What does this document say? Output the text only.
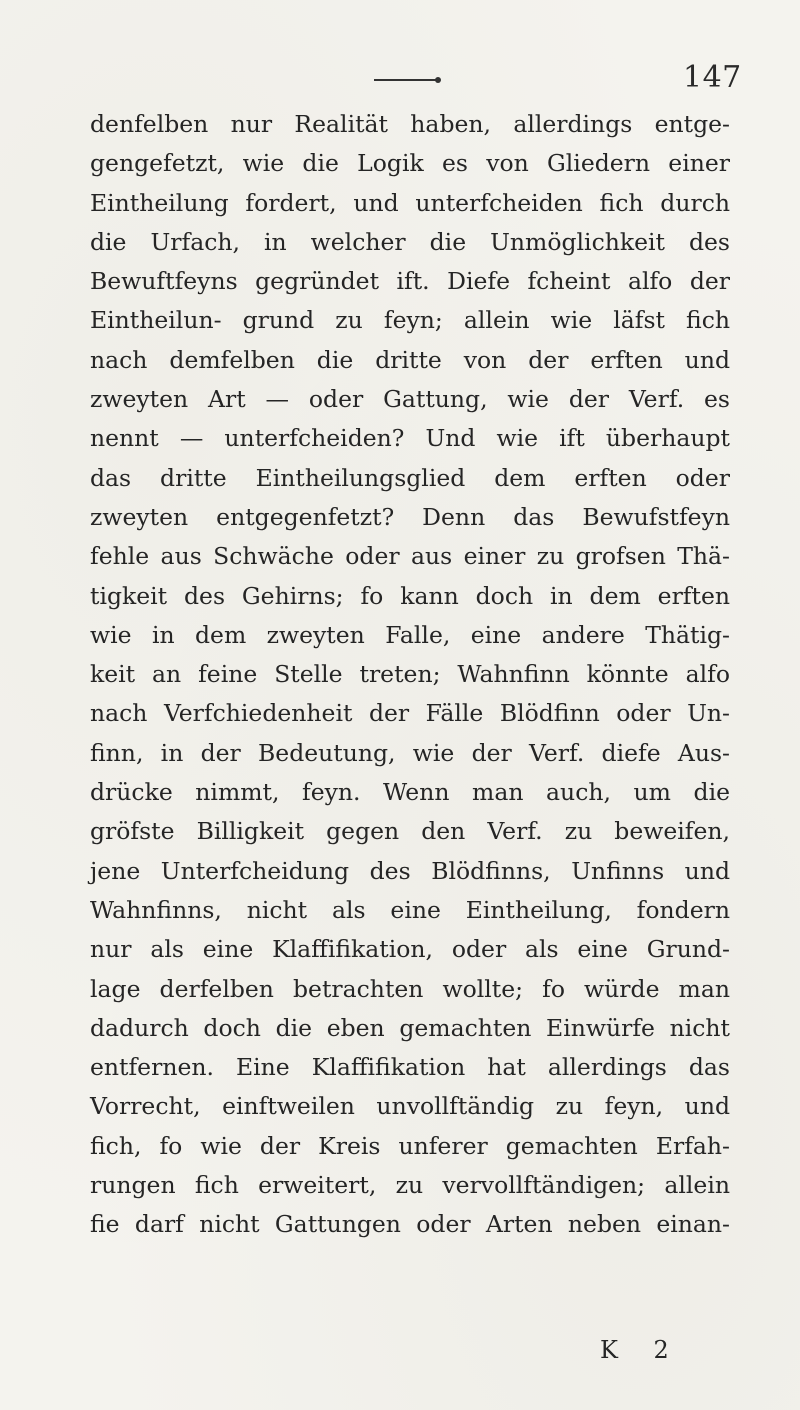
147
denfelben nur Realität haben, allerdings entge-
gengefetzt, wie die Logik es von Gliedern einer
Eintheilung fordert, und unterfcheiden fich durch
die Urfach, in welcher die Unmöglichkeit des
Bewuftfeyns gegründet ift. Diefe fcheint alfo der
Eintheilun- grund zu feyn; allein wie läfst fich
nach demfelben die dritte von der erften und
zweyten Art — oder Gattung, wie der Verf. es
nennt — unterfcheiden? Und wie ift überhaupt
das dritte Eintheilungsglied dem erften oder
zweyten entgegenfetzt? Denn das Bewufstfeyn
fehle aus Schwäche oder aus einer zu grofsen Thä-
tigkeit des Gehirns; fo kann doch in dem erften
wie in dem zweyten Falle, eine andere Thätig-
keit an feine Stelle treten; Wahnfinn könnte alfo
nach Verfchiedenheit der Fälle Blödfinn oder Un-
finn, in der Bedeutung, wie der Verf. diefe Aus-
drücke nimmt, feyn. Wenn man auch, um die
gröfste Billigkeit gegen den Verf. zu beweifen,
jene Unterfcheidung des Blödfinns, Unfinns und
Wahnfinns, nicht als eine Eintheilung, fondern
nur als eine Klaffifikation, oder als eine Grund-
lage derfelben betrachten wollte; fo würde man
dadurch doch die eben gemachten Einwürfe nicht
entfernen. Eine Klaffifikation hat allerdings das
Vorrecht, einftweilen unvollftändig zu feyn, und
fich, fo wie der Kreis unferer gemachten Erfah-
rungen fich erweitert, zu vervollftändigen; allein
fie darf nicht Gattungen oder Arten neben einan-
K 2
